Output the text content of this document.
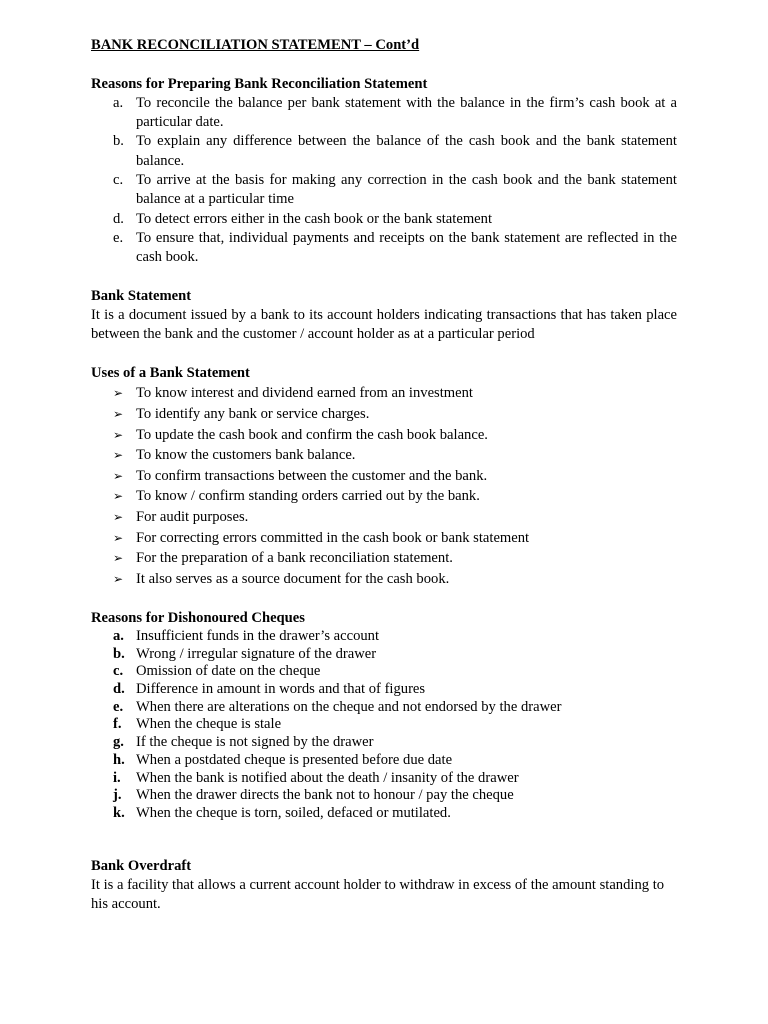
BANK RECONCILIATION STATEMENT – Cont’d

Reasons for Preparing Bank Reconciliation Statement

a. To reconcile the balance per bank statement with the balance in the firm’s cash book at a particular date.
b. To explain any difference between the balance of the cash book and the bank statement balance.
c. To arrive at the basis for making any correction in the cash book and the bank statement balance at a particular time
d. To detect errors either in the cash book or the bank statement
e. To ensure that, individual payments and receipts on the bank statement are reflected in the cash book.

Bank Statement

It is a document issued by a bank to its account holders indicating transactions that has taken place between the bank and the customer / account holder as at a particular period

Uses of a Bank Statement

➢ To know interest and dividend earned from an investment
➢ To identify any bank or service charges.
➢ To update the cash book and confirm the cash book balance.
➢ To know the customers bank balance.
➢ To confirm transactions between the customer and the bank.
➢ To know / confirm standing orders carried out by the bank.
➢ For audit purposes.
➢ For correcting errors committed in the cash book or bank statement
➢ For the preparation of a bank reconciliation statement.
➢ It also serves as a source document for the cash book.

Reasons for Dishonoured Cheques

a. Insufficient funds in the drawer’s account
b. Wrong / irregular signature of the drawer
c. Omission of date on the cheque
d. Difference in amount in words and that of figures
e. When there are alterations on the cheque and not endorsed by the drawer
f. When the cheque is stale
g. If the cheque is not signed by the drawer
h. When a postdated cheque is presented before due date
i. When the bank is notified about the death / insanity of the drawer
j. When the drawer directs the bank not to honour / pay the cheque
k. When the cheque is torn, soiled, defaced or mutilated.

Bank Overdraft

It is a facility that allows a current account holder to withdraw in excess of the amount standing to his account.
